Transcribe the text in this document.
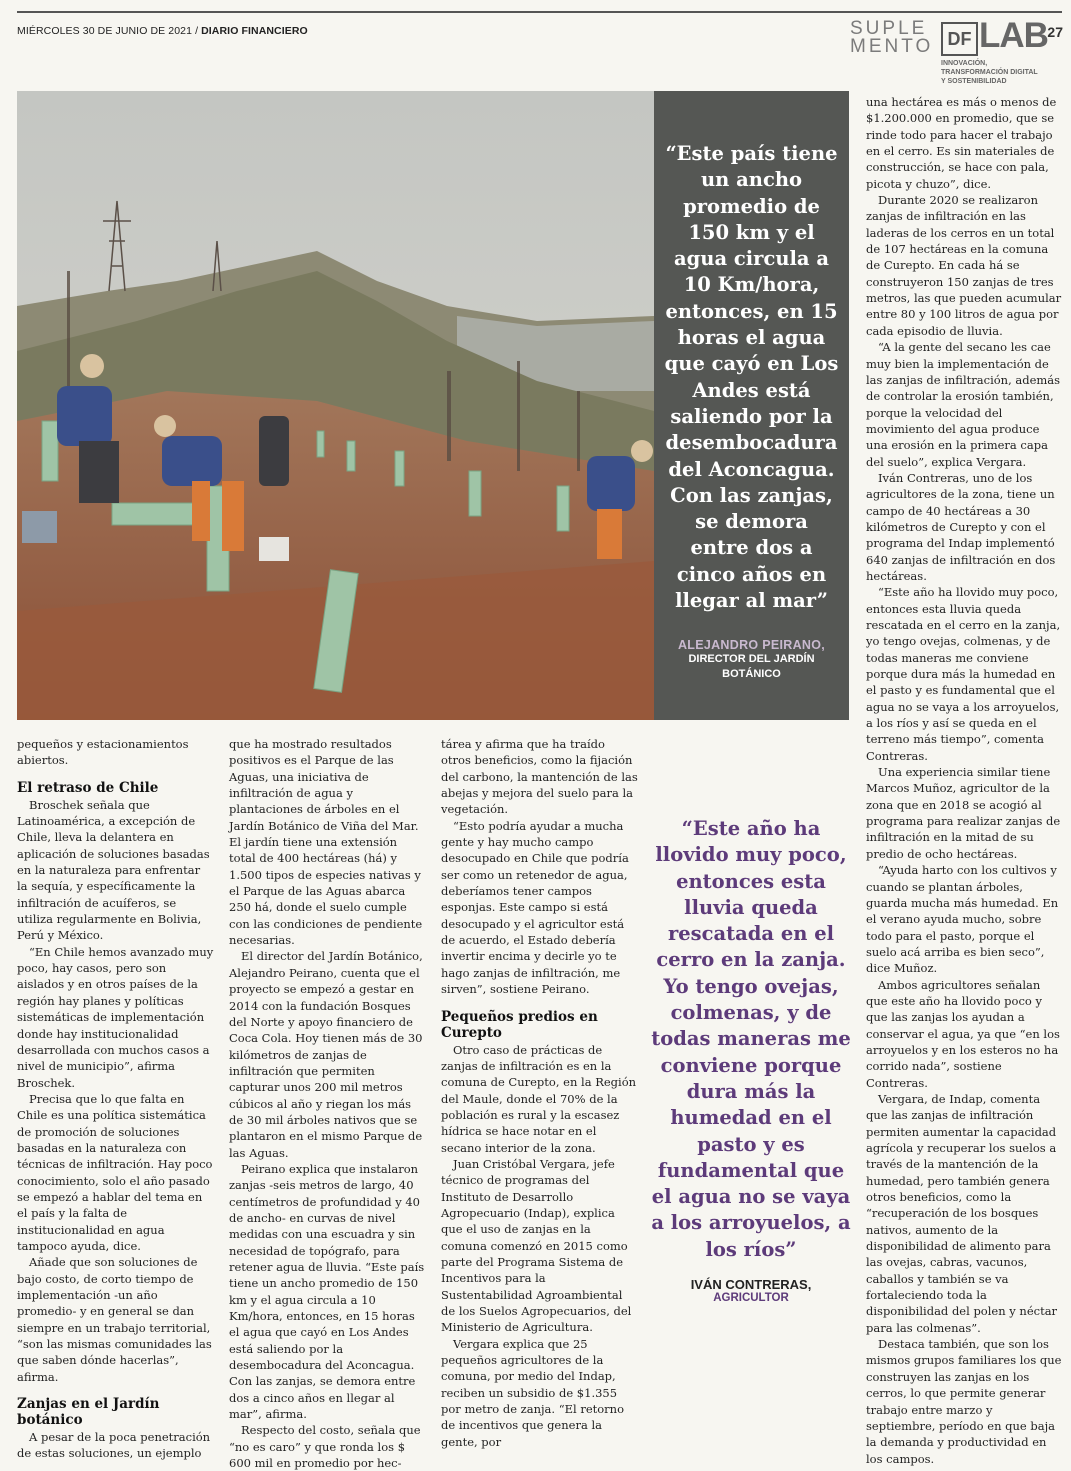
MIÉRCOLES 30 DE JUNIO DE 2021 / DIARIO FINANCIERO	SUPLE
MENTO DF LAB
INNOVACIÓN,
TRANSFORMACIÓN DIGITAL
Y SOSTENIBILIDAD
27
“Este país tiene un ancho promedio de 150 km y el agua circula a 10 Km/hora, entonces, en 15 horas el agua que cayó en Los Andes está saliendo por la desembocadura del Aconcagua. Con las zanjas, se demora entre dos a cinco años en llegar al mar”
ALEJANDRO PEIRANO,
DIRECTOR DEL JARDÍN
BOTÁNICO

pequeños y estacionamientos abiertos.

El retraso de Chile

Broschek señala que Latinoamérica, a excepción de Chile, lleva la delantera en aplicación de soluciones basadas en la naturaleza para enfrentar la sequía, y específicamente la infiltración de acuíferos, se utiliza regularmente en Bolivia, Perú y México.

“En Chile hemos avanzado muy poco, hay casos, pero son aislados y en otros países de la región hay planes y políticas sistemáticas de implementación donde hay institucionalidad desarrollada con muchos casos a nivel de municipio”, afirma Broschek.

Precisa que lo que falta en Chile es una política sistemática de promoción de soluciones basadas en la naturaleza con técnicas de infiltración. Hay poco conocimiento, solo el año pasado se empezó a hablar del tema en el país y la falta de institucionalidad en agua tampoco ayuda, dice.

Añade que son soluciones de bajo costo, de corto tiempo de implementación -un año promedio- y en general se dan siempre en un trabajo territorial, “son las mismas comunidades las que saben dónde hacerlas”, afirma.

Zanjas en el Jardín botánico

A pesar de la poca penetración de estas soluciones, un ejemplo

que ha mostrado resultados positivos es el Parque de las Aguas, una iniciativa de infiltración de agua y plantaciones de árboles en el Jardín Botánico de Viña del Mar. El jardín tiene una extensión total de 400 hectáreas (há) y 1.500 tipos de especies nativas y el Parque de las Aguas abarca 250 há, donde el suelo cumple con las condiciones de pendiente necesarias.

El director del Jardín Botánico, Alejandro Peirano, cuenta que el proyecto se empezó a gestar en 2014 con la fundación Bosques del Norte y apoyo financiero de Coca Cola. Hoy tienen más de 30 kilómetros de zanjas de infiltración que permiten capturar unos 200 mil metros cúbicos al año y riegan los más de 30 mil árboles nativos que se plantaron en el mismo Parque de las Aguas.

Peirano explica que instalaron zanjas -seis metros de largo, 40 centímetros de profundidad y 40 de ancho- en curvas de nivel medidas con una escuadra y sin necesidad de topógrafo, para retener agua de lluvia. “Este país tiene un ancho promedio de 150 km y el agua circula a 10 Km/hora, entonces, en 15 horas el agua que cayó en Los Andes está saliendo por la desembocadura del Aconcagua. Con las zanjas, se demora entre dos a cinco años en llegar al mar”, afirma.

Respecto del costo, señala que “no es caro” y que ronda los $ 600 mil en promedio por hec-

tárea y afirma que ha traído otros beneficios, como la fijación del carbono, la mantención de las abejas y mejora del suelo para la vegetación.

“Esto podría ayudar a mucha gente y hay mucho campo desocupado en Chile que podría ser como un retenedor de agua, deberíamos tener campos esponjas. Este campo si está desocupado y el agricultor está de acuerdo, el Estado debería invertir encima y decirle yo te hago zanjas de infiltración, me sirven”, sostiene Peirano.

Pequeños predios en Curepto

Otro caso de prácticas de zanjas de infiltración es en la comuna de Curepto, en la Región del Maule, donde el 70% de la población es rural y la escasez hídrica se hace notar en el secano interior de la zona.

Juan Cristóbal Vergara, jefe técnico de programas del Instituto de Desarrollo Agropecuario (Indap), explica que el uso de zanjas en la comuna comenzó en 2015 como parte del Programa Sistema de Incentivos para la Sustentabilidad Agroambiental de los Suelos Agropecuarios, del Ministerio de Agricultura.

Vergara explica que 25 pequeños agricultores de la comuna, por medio del Indap, reciben un subsidio de $1.355 por metro de zanja. “El retorno de incentivos que genera la gente, por

“Este año ha llovido muy poco, entonces esta lluvia queda rescatada en el cerro en la zanja. Yo tengo ovejas, colmenas, y de todas maneras me conviene porque dura más la humedad en el pasto y es fundamental que el agua no se vaya a los arroyuelos, a los ríos”
IVÁN CONTRERAS,
AGRICULTOR

una hectárea es más o menos de $1.200.000 en promedio, que se rinde todo para hacer el trabajo en el cerro. Es sin materiales de construcción, se hace con pala, picota y chuzo”, dice.

Durante 2020 se realizaron zanjas de infiltración en las laderas de los cerros en un total de 107 hectáreas en la comuna de Curepto. En cada há se construyeron 150 zanjas de tres metros, las que pueden acumular entre 80 y 100 litros de agua por cada episodio de lluvia.

“A la gente del secano les cae muy bien la implementación de las zanjas de infiltración, además de controlar la erosión también, porque la velocidad del movimiento del agua produce una erosión en la primera capa del suelo”, explica Vergara.

Iván Contreras, uno de los agricultores de la zona, tiene un campo de 40 hectáreas a 30 kilómetros de Curepto y con el programa del Indap implementó 640 zanjas de infiltración en dos hectáreas.

“Este año ha llovido muy poco, entonces esta lluvia queda rescatada en el cerro en la zanja, yo tengo ovejas, colmenas, y de todas maneras me conviene porque dura más la humedad en el pasto y es fundamental que el agua no se vaya a los arroyuelos, a los ríos y así se queda en el terreno más tiempo”, comenta Contreras.

Una experiencia similar tiene Marcos Muñoz, agricultor de la zona que en 2018 se acogió al programa para realizar zanjas de infiltración en la mitad de su predio de ocho hectáreas.

“Ayuda harto con los cultivos y cuando se plantan árboles, guarda mucha más humedad. En el verano ayuda mucho, sobre todo para el pasto, porque el suelo acá arriba es bien seco”, dice Muñoz.

Ambos agricultores señalan que este año ha llovido poco y que las zanjas los ayudan a conservar el agua, ya que “en los arroyuelos y en los esteros no ha corrido nada”, sostiene Contreras.

Vergara, de Indap, comenta que las zanjas de infiltración permiten aumentar la capacidad agrícola y recuperar los suelos a través de la mantención de la humedad, pero también genera otros beneficios, como la “recuperación de los bosques nativos, aumento de la disponibilidad de alimento para las ovejas, cabras, vacunos, caballos y también se va fortaleciendo toda la disponibilidad del polen y néctar para las colmenas”.

Destaca también, que son los mismos grupos familiares los que construyen las zanjas en los cerros, lo que permite generar trabajo entre marzo y septiembre, período en que baja la demanda y productividad en los campos.
